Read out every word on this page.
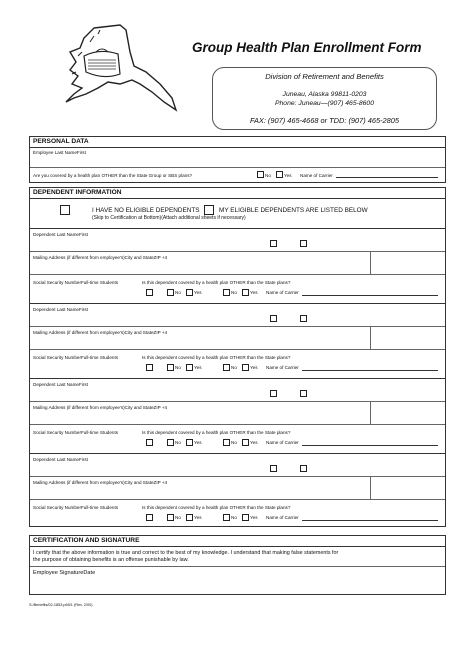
Group Health Plan Enrollment Form
Division of Retirement and Benefits
Juneau, Alaska 99811-0203
Phone: Juneau—(907) 465-8600
FAX: (907) 465-4668 or TDD: (907) 465-2805
PERSONAL DATA
Employee Last NameFirst
Are you covered by a health plan OTHER than the State Group or SBS plans?	No	Yes Name of Carrier
DEPENDENT INFORMATION
I HAVE NO ELIGIBLE DEPENDENTS	MY ELIGIBLE DEPENDENTS ARE LISTED BELOW
(Skip to Certification at Bottom)(Attach additional sheets if necessary)
Dependent Last NameFirst
Mailing Address (if different from employee's)City and StateZIP +4
Social Security NumberFull-time Students	Is this dependent covered by a health plan OTHER than the State plans?
No	Yes	No	Yes Name of Carrier
Dependent Last NameFirst
Mailing Address (if different from employee's)City and StateZIP +4
Social Security NumberFull-time Students	Is this dependent covered by a health plan OTHER than the State plans?
No	Yes	No	Yes Name of Carrier
Dependent Last NameFirst
Mailing Address (if different from employee's)City and StateZIP +4
Social Security NumberFull-time Students	Is this dependent covered by a health plan OTHER than the State plans?
No	Yes	No	Yes Name of Carrier
Dependent Last NameFirst
Mailing Address (if different from employee's)City and StateZIP +4
Social Security NumberFull-time Students	Is this dependent covered by a health plan OTHER than the State plans?
No	Yes	No	Yes Name of Carrier
CERTIFICATION AND SIGNATURE
I certify that the above information is true and correct to the best of my knowledge. I understand that making false statements for
the purpose of obtaining benefits is an offense punishable by law.
Employee SignatureDate
S:/Benefits/02-1853.p65/1 (Rev. 2/00)
